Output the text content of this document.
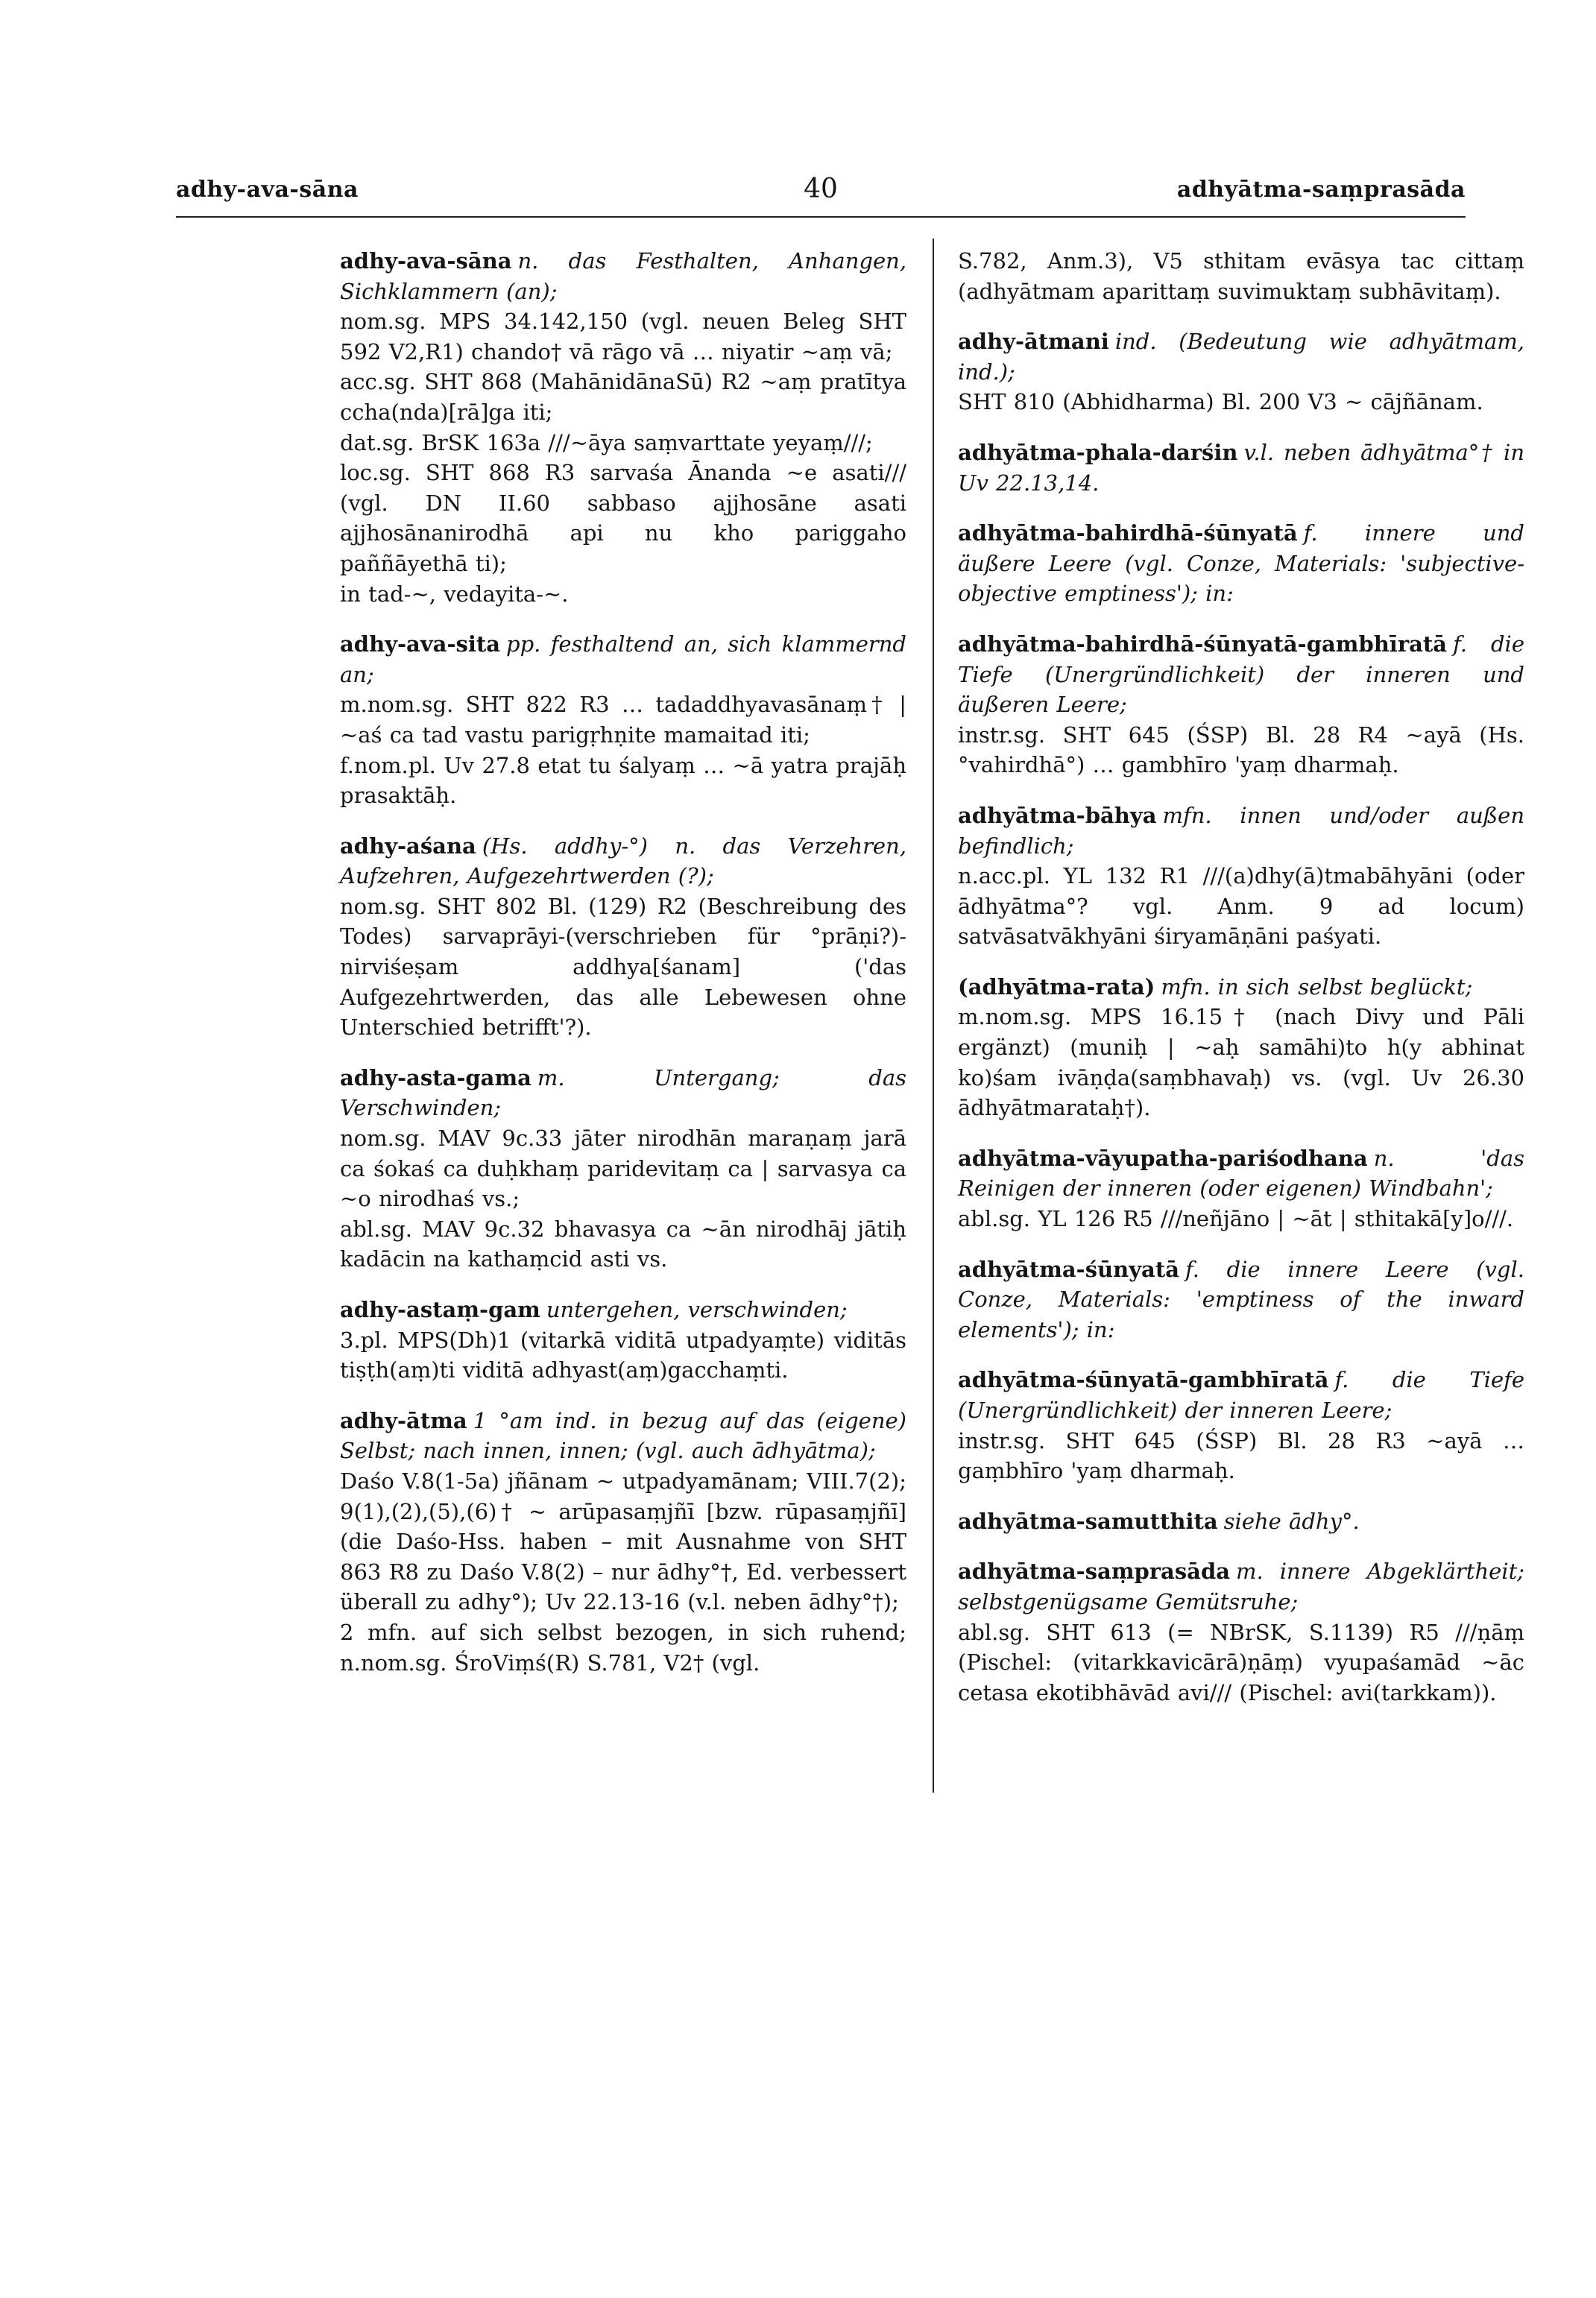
adhy-ava-sāna	40	adhyātma-saṃprasāda

adhy-ava-sāna n. das Festhalten, Anhangen, Sichklammern (an);

nom.sg. MPS 34.142,150 (vgl. neuen Beleg SHT 592 V2,R1) chando† vā rāgo vā … niyatir ~aṃ vā;

acc.sg. SHT 868 (MahānidānaSū) R2 ~aṃ pratītya ccha(nda)[rā]ga iti;

dat.sg. BrSK 163a ///~āya saṃvarttate yeyaṃ///;

loc.sg. SHT 868 R3 sarvaśa Ānanda ~e asati/// (vgl. DN II.60 sabbaso ajjhosāne asati ajjhosānanirodhā api nu kho pariggaho paññāyethā ti);

in tad-~, vedayita-~.

adhy-ava-sita pp. festhaltend an, sich klammernd an;

m.nom.sg. SHT 822 R3 … tadaddhyavasānaṃ† | ~aś ca tad vastu parigṛhṇite mamaitad iti;

f.nom.pl. Uv 27.8 etat tu śalyaṃ … ~ā yatra prajāḥ prasaktāḥ.

adhy-aśana (Hs. addhy-°) n. das Verzehren, Aufzehren, Aufgezehrtwerden (?);

nom.sg. SHT 802 Bl. (129) R2 (Beschreibung des Todes) sarvaprāyi-(verschrieben für °prāṇi?)-nirviśeṣam addhya[śanam] ('das Aufgezehrtwerden, das alle Lebewesen ohne Unterschied betrifft'?).

adhy-asta-gama m. Untergang; das Verschwinden;

nom.sg. MAV 9c.33 jāter nirodhān maraṇaṃ jarā ca śokaś ca duḥkhaṃ paridevitaṃ ca | sarvasya ca ~o nirodhaś vs.;

abl.sg. MAV 9c.32 bhavasya ca ~ān nirodhāj jātiḥ kadācin na kathaṃcid asti vs.

adhy-astaṃ-gam untergehen, verschwinden;

3.pl. MPS(Dh)1 (vitarkā viditā utpadyaṃte) viditās tiṣṭh(aṃ)ti viditā adhyast(aṃ)gacchaṃti.

adhy-ātma 1 °am ind. in bezug auf das (eigene) Selbst; nach innen, innen; (vgl. auch ādhyātma);

Daśo V.8(1-5a) jñānam ~ utpadyamānam; VIII.7(2); 9(1),(2),(5),(6)† ~ arūpasaṃjñī [bzw. rūpasaṃjñī] (die Daśo-Hss. haben – mit Ausnahme von SHT 863 R8 zu Daśo V.8(2) – nur ādhy°†, Ed. verbessert überall zu adhy°); Uv 22.13-16 (v.l. neben ādhy°†);

2 mfn. auf sich selbst bezogen, in sich ruhend; n.nom.sg. ŚroViṃś(R) S.781, V2† (vgl.

S.782, Anm.3), V5 sthitam evāsya tac cittaṃ (adhyātmam aparittaṃ suvimuktaṃ subhāvitaṃ).

adhy-ātmani ind. (Bedeutung wie adhyātmam, ind.);

SHT 810 (Abhidharma) Bl. 200 V3 ~ cājñānam.

adhyātma-phala-darśin v.l. neben ādhyātma°† in Uv 22.13,14.

adhyātma-bahirdhā-śūnyatā f. innere und äußere Leere (vgl. Conze, Materials: 'subjective-objective emptiness'); in:

adhyātma-bahirdhā-śūnyatā-gambhīratā f. die Tiefe (Unergründlichkeit) der inneren und äußeren Leere;

instr.sg. SHT 645 (ŚSP) Bl. 28 R4 ~ayā (Hs. °vahirdhā°) … gambhīro 'yaṃ dharmaḥ.

adhyātma-bāhya mfn. innen und/oder außen befindlich;

n.acc.pl. YL 132 R1 ///(a)dhy(ā)tmabāhyāni (oder ādhyātma°? vgl. Anm. 9 ad locum) satvāsatvākhyāni śiryamāṇāni paśyati.

(adhyātma-rata) mfn. in sich selbst beglückt;

m.nom.sg. MPS 16.15† (nach Divy und Pāli ergänzt) (muniḥ | ~aḥ samāhi)to h(y abhinat ko)śam ivāṇḍa(saṃbhavaḥ) vs. (vgl. Uv 26.30 ādhyātmarataḥ†).

adhyātma-vāyupatha-pariśodhana n. 'das Reinigen der inneren (oder eigenen) Windbahn';

abl.sg. YL 126 R5 ///neñjāno | ~āt | sthitakā[y]o///.

adhyātma-śūnyatā f. die innere Leere (vgl. Conze, Materials: 'emptiness of the inward elements'); in:

adhyātma-śūnyatā-gambhīratā f. die Tiefe (Unergründlichkeit) der inneren Leere;

instr.sg. SHT 645 (ŚSP) Bl. 28 R3 ~ayā … gaṃbhīro 'yaṃ dharmaḥ.

adhyātma-samutthita siehe ādhy°.

adhyātma-saṃprasāda m. innere Abgeklärtheit; selbstgenügsame Gemütsruhe;

abl.sg. SHT 613 (= NBrSK, S.1139) R5 ///ṇāṃ (Pischel: (vitarkkavicārā)ṇāṃ) vyupaśamād ~āc cetasa ekotibhāvād avi/// (Pischel: avi(tarkkam)).
